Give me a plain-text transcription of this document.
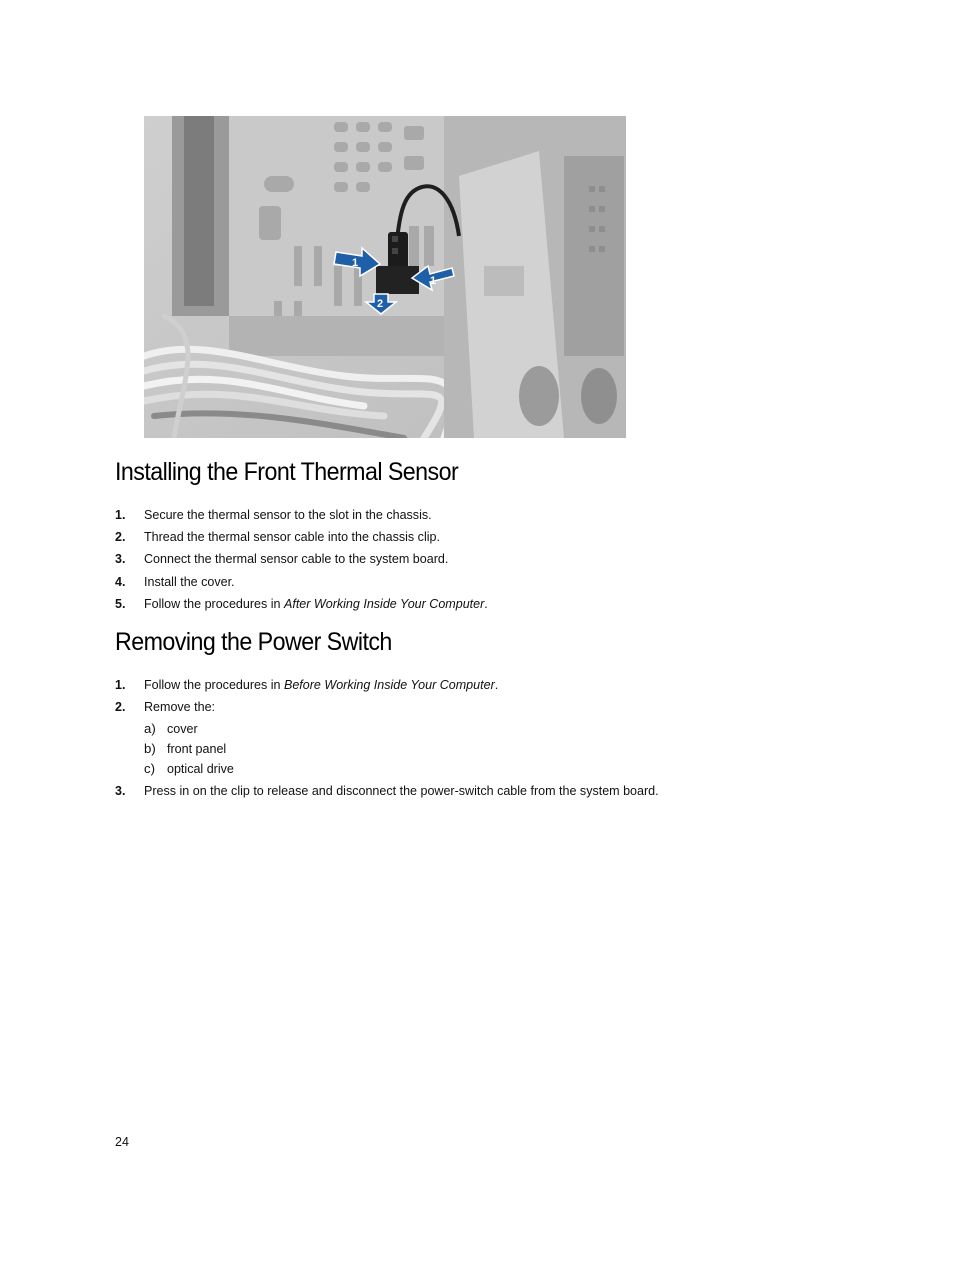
1
2
1
Installing the Front Thermal Sensor
1. Secure the thermal sensor to the slot in the chassis.
2. Thread the thermal sensor cable into the chassis clip.
3. Connect the thermal sensor cable to the system board.
4. Install the cover.
5. Follow the procedures in After Working Inside Your Computer.
Removing the Power Switch
1. Follow the procedures in Before Working Inside Your Computer.
2. Remove the:
a) cover
b) front panel
c) optical drive
3. Press in on the clip to release and disconnect the power-switch cable from the system board.
24
